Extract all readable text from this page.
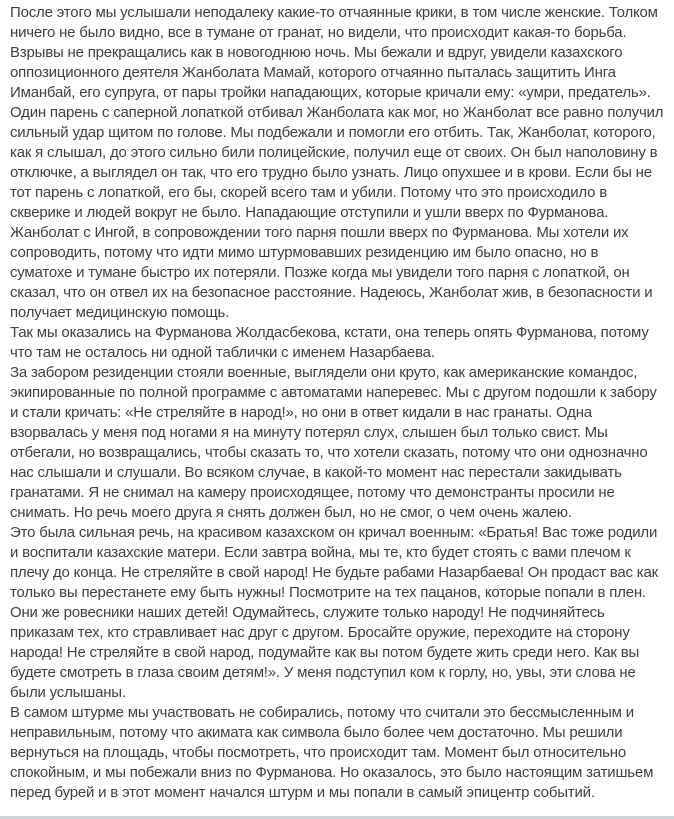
После этого мы услышали неподалеку какие-то отчаянные крики, в том числе женские. Толком ничего не было видно, все в тумане от гранат, но видели, что происходит какая-то борьба. Взрывы не прекращались как в новогоднюю ночь. Мы бежали и вдруг, увидели казахского оппозиционного деятеля Жанболата Мамай, которого отчаянно пыталась защитить Инга Иманбай, его супруга, от пары тройки нападающих, которые кричали ему: «умри, предатель». Один парень с саперной лопаткой отбивал Жанболата как мог, но Жанболат все равно получил сильный удар щитом по голове. Мы подбежали и помогли его отбить. Так, Жанболат, которого, как я слышал, до этого сильно били полицейские, получил еще от своих. Он был наполовину в отключке, а выглядел он так, что его трудно было узнать. Лицо опухшее и в крови. Если бы не тот парень с лопаткой, его бы, скорей всего там и убили. Потому что это происходило в скверике и людей вокруг не было. Нападающие отступили и ушли вверх по Фурманова. Жанболат с Ингой, в сопровождении того парня пошли вверх по Фурманова. Мы хотели их сопроводить, потому что идти мимо штурмовавших резиденцию им было опасно, но в суматохе и тумане быстро их потеряли. Позже когда мы увидели того парня с лопаткой, он сказал, что он отвел их на безопасное расстояние. Надеюсь, Жанболат жив, в безопасности и получает медицинскую помощь.

Так мы оказались на Фурманова Жолдасбекова, кстати, она теперь опять Фурманова, потому что там не осталось ни одной таблички с именем Назарбаева.

За забором резиденции стояли военные, выглядели они круто, как американские командос, экипированные по полной программе с автоматами наперевес. Мы с другом подошли к забору и стали кричать: «Не стреляйте в народ!», но они в ответ кидали в нас гранаты. Одна взорвалась у меня под ногами я на минуту потерял слух, слышен был только свист. Мы отбегали, но возвращались, чтобы сказать то, что хотели сказать, потому что они однозначно нас слышали и слушали. Во всяком случае, в какой-то момент нас перестали закидывать гранатами. Я не снимал на камеру происходящее, потому что демонстранты просили не снимать. Но речь моего друга я снять должен был, но не смог, о чем очень жалею.

Это была сильная речь, на красивом казахском он кричал военным: «Братья! Вас тоже родили и воспитали казахские матери. Если завтра война, мы те, кто будет стоять с вами плечом к плечу до конца. Не стреляйте в свой народ! Не будьте рабами Назарбаева! Он продаст вас как только вы перестанете ему быть нужны! Посмотрите на тех пацанов, которые попали в плен. Они же ровесники наших детей! Одумайтесь, служите только народу! Не подчиняйтесь приказам тех, кто стравливает нас друг с другом. Бросайте оружие, переходите на сторону народа! Не стреляйте в свой народ, подумайте как вы потом будете жить среди него. Как вы будете смотреть в глаза своим детям!». У меня подступил ком к горлу, но, увы, эти слова не были услышаны.

В самом штурме мы участвовать не собирались, потому что считали это бессмысленным и неправильным, потому что акимата как символа было более чем достаточно. Мы решили вернуться на площадь, чтобы посмотреть, что происходит там. Момент был относительно спокойным, и мы побежали вниз по Фурманова. Но оказалось, это было настоящим затишьем перед бурей и в этот момент начался штурм и мы попали в самый эпицентр событий.
